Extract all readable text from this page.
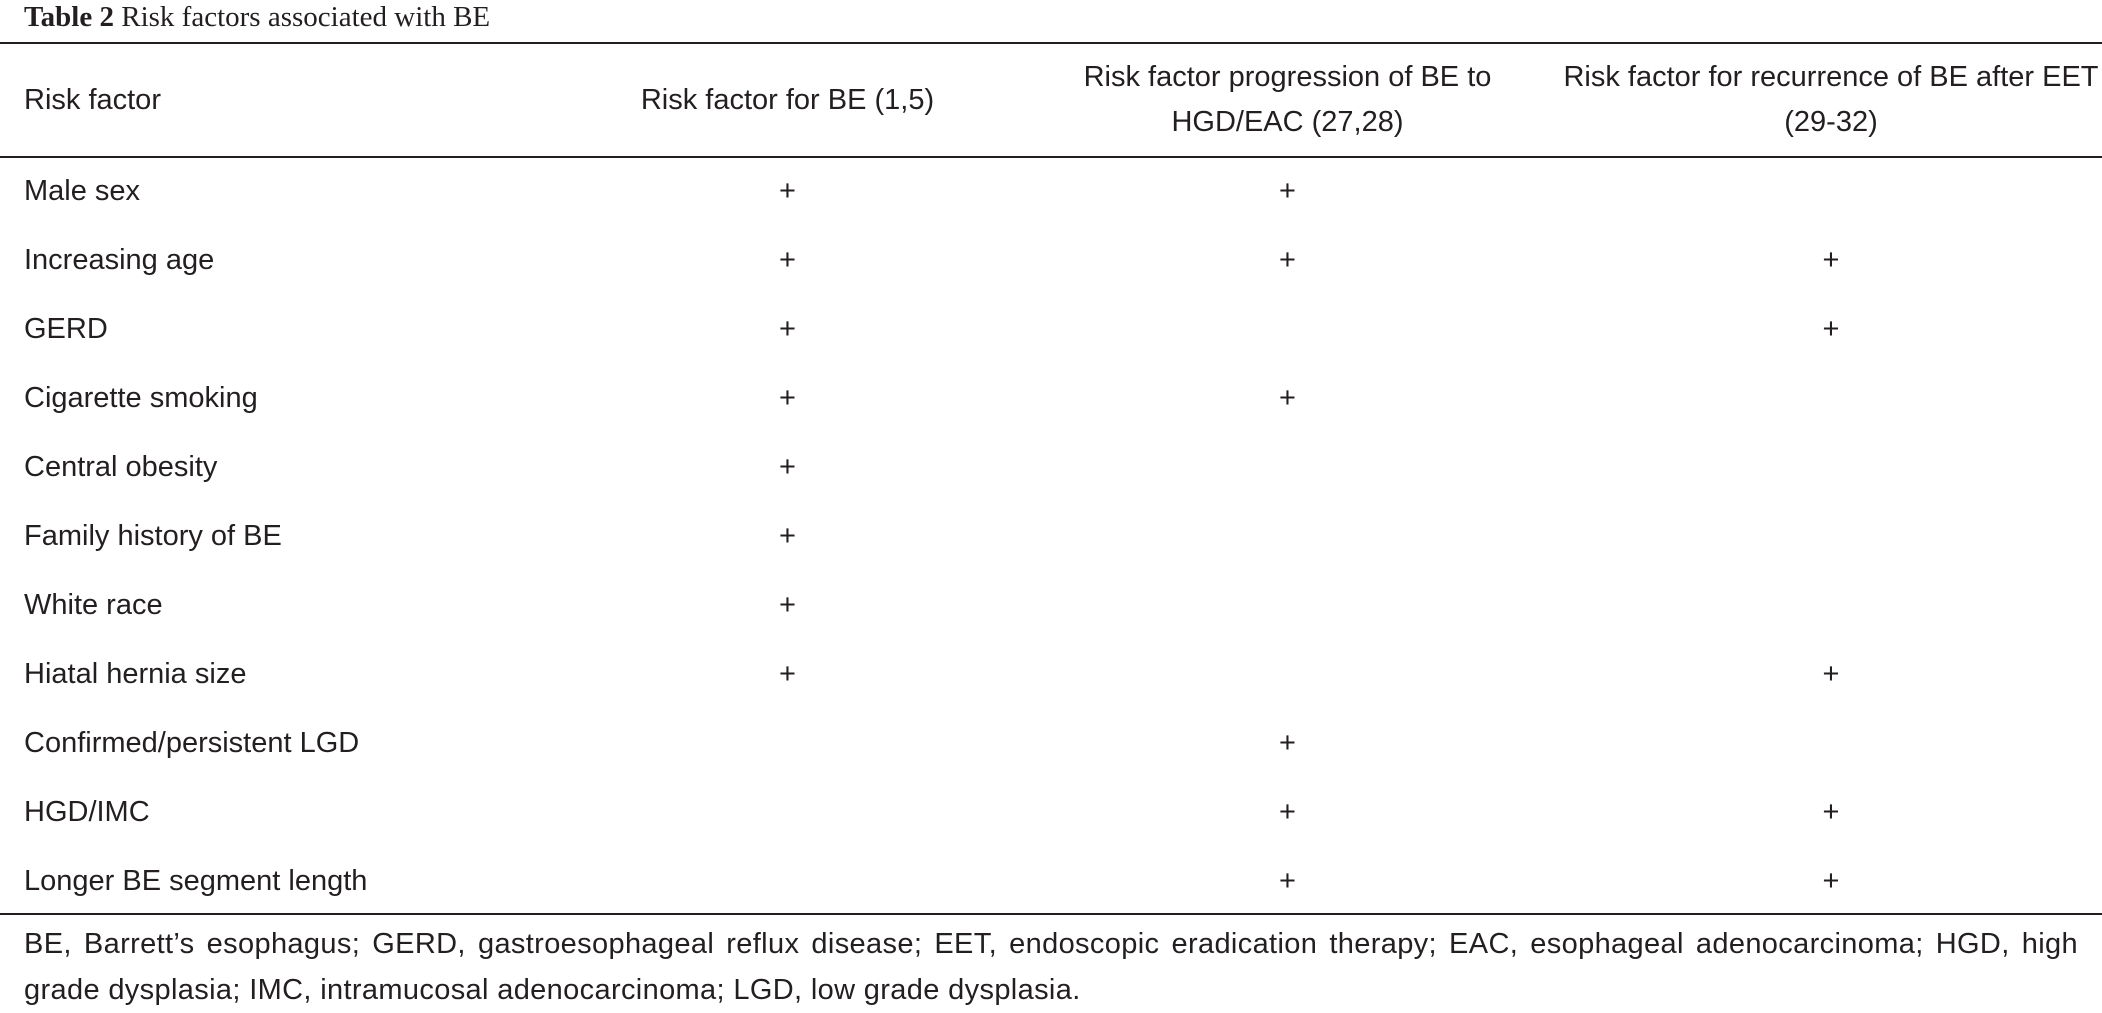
Table 2 Risk factors associated with BE
Risk factor	Risk factor for BE (1,5)	Risk factor progression of BE to HGD/EAC (27,28)	Risk factor for recurrence of BE after EET (29-32)
Male sex	+	+	
Increasing age	+	+	+
GERD	+		+
Cigarette smoking	+	+	
Central obesity	+		
Family history of BE	+		
White race	+		
Hiatal hernia size	+		+
Confirmed/persistent LGD		+	
HGD/IMC		+	+
Longer BE segment length		+	+
BE, Barrett’s esophagus; GERD, gastroesophageal reflux disease; EET, endoscopic eradication therapy; EAC, esophageal adenocarcinoma; HGD, high grade dysplasia; IMC, intramucosal adenocarcinoma; LGD, low grade dysplasia.
